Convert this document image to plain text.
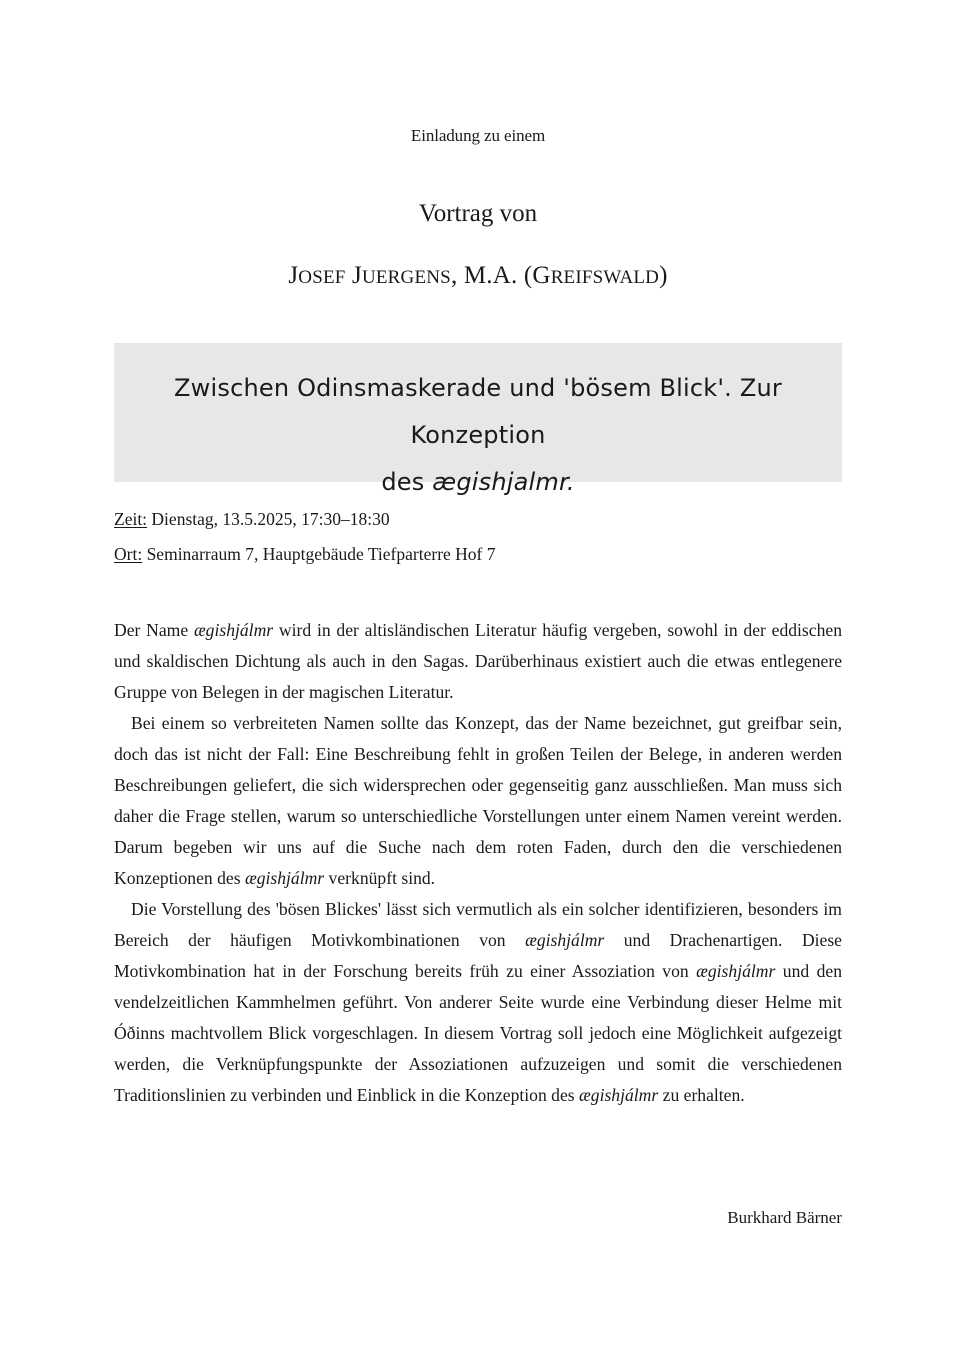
Einladung zu einem
Vortrag von
JOSEF JUERGENS, M.A. (GREIFSWALD)
Zwischen Odinsmaskerade und 'bösem Blick'. Zur Konzeption
des ægishjalmr.
Zeit: Dienstag, 13.5.2025, 17:30–18:30
Ort: Seminarraum 7, Hauptgebäude Tiefparterre Hof 7

Der Name ægishjálmr wird in der altisländischen Literatur häufig vergeben, sowohl in der eddischen und skaldischen Dichtung als auch in den Sagas. Darüberhinaus existiert auch die etwas entlegenere Gruppe von Belegen in der magischen Literatur.

Bei einem so verbreiteten Namen sollte das Konzept, das der Name bezeichnet, gut greifbar sein, doch das ist nicht der Fall: Eine Beschreibung fehlt in großen Teilen der Belege, in anderen werden Beschreibungen geliefert, die sich widersprechen oder gegenseitig ganz ausschließen. Man muss sich daher die Frage stellen, warum so unterschiedliche Vorstellungen unter einem Namen vereint werden. Darum begeben wir uns auf die Suche nach dem roten Faden, durch den die verschiedenen Konzeptionen des ægishjálmr verknüpft sind.

Die Vorstellung des 'bösen Blickes' lässt sich vermutlich als ein solcher identifizieren, besonders im Bereich der häufigen Motivkombinationen von ægishjálmr und Drachenartigen. Diese Motivkombination hat in der Forschung bereits früh zu einer Assoziation von ægishjálmr und den vendelzeitlichen Kammhelmen geführt. Von anderer Seite wurde eine Verbindung dieser Helme mit Óðinns machtvollem Blick vorgeschlagen. In diesem Vortrag soll jedoch eine Möglichkeit aufgezeigt werden, die Verknüpfungspunkte der Assoziationen aufzuzeigen und somit die verschiedenen Traditionslinien zu verbinden und Einblick in die Konzeption des ægishjálmr zu erhalten.

Burkhard Bärner
